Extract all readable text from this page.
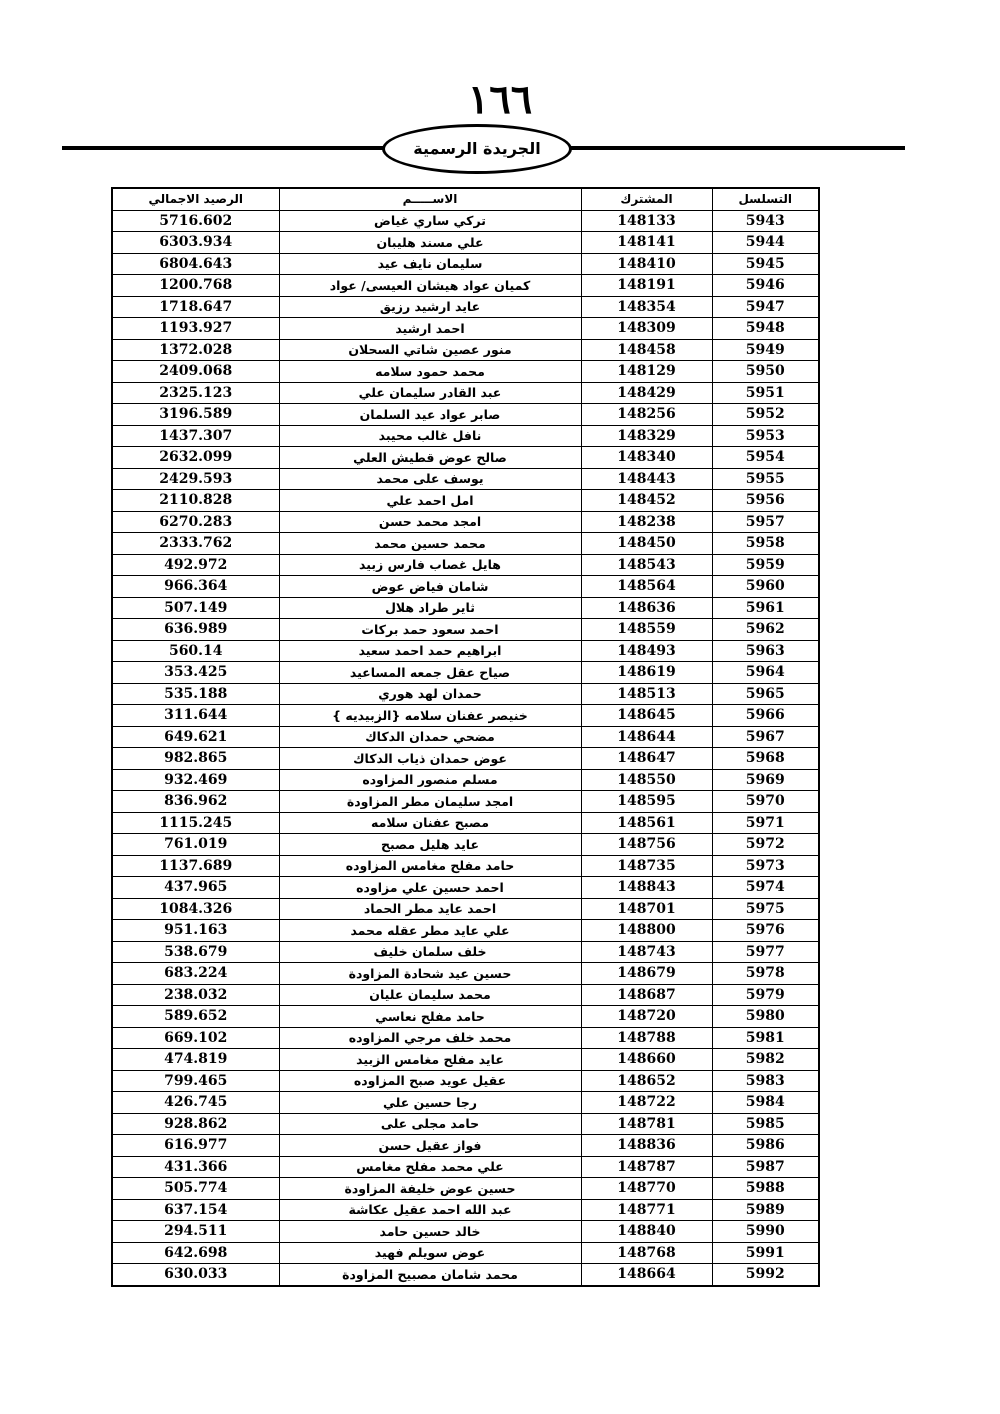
١٦٦
الجريدة الرسمية
التسلسل	المشترك	الاســـــم	الرصيد الاجمالي
5943	148133	تركي ساري غياض	5716.602
5944	148141	علي مسند هليبان	6303.934
5945	148410	سليمان نايف عيد	6804.643
5946	148191	كميان عواد هيشان العيسى/ عواد	1200.768
5947	148354	عايد ارشيد رزيق	1718.647
5948	148309	احمد ارشيد	1193.927
5949	148458	منور عصين شاتي السحلان	1372.028
5950	148129	محمد حمود سلامه	2409.068
5951	148429	عبد القادر سليمان علي	2325.123
5952	148256	صابر عواد عيد السلمان	3196.589
5953	148329	نافل غالب محيبد	1437.307
5954	148340	صالح عوض قطيش العلي	2632.099
5955	148443	يوسف على محمد	2429.593
5956	148452	امل احمد علي	2110.828
5957	148238	امجد محمد حسن	6270.283
5958	148450	محمد حسين محمد	2333.762
5959	148543	هايل غصاب فارس زبيد	492.972
5960	148564	شامان فياض عوض	966.364
5961	148636	ثاير طراد هلال	507.149
5962	148559	احمد سعود حمد بركات	636.989
5963	148493	ابراهيم حمد احمد سعيد	560.14
5964	148619	صياح عقل جمعه المساعيد	353.425
5965	148513	حمدان لهد هوري	535.188
5966	148645	خنيصر عفنان سلامه {الزبيديه }	311.644
5967	148644	مضحي حمدان الدكاك	649.621
5968	148647	عوض حمدان ذياب الدكاك	982.865
5969	148550	مسلم منصور المزاوده	932.469
5970	148595	امجد سليمان مطر المزاودة	836.962
5971	148561	مصبح عفنان سلامه	1115.245
5972	148756	عايد هليل مصبح	761.019
5973	148735	حامد مفلح مغامس المزاوده	1137.689
5974	148843	احمد حسين علي مزاوده	437.965
5975	148701	احمد عايد مطر الحماد	1084.326
5976	148800	علي عايد مطر عقله محمد	951.163
5977	148743	خلف سلمان خليف	538.679
5978	148679	حسين عيد شحادة المزاودة	683.224
5979	148687	محمد سليمان عليان	238.032
5980	148720	حامد مفلح نعاسي	589.652
5981	148788	محمد خلف مرجي المزاوده	669.102
5982	148660	عايد مفلح مغامس الزبيد	474.819
5983	148652	عقيل عويد صبح المزاوده	799.465
5984	148722	رجا حسين علي	426.745
5985	148781	حامد مجلى على	928.862
5986	148836	فواز عقيل حسن	616.977
5987	148787	علي محمد مفلح مغامس	431.366
5988	148770	حسين عوض خليفة المزاودة	505.774
5989	148771	عبد الله احمد عقيل عكاشة	637.154
5990	148840	خالد حسين حامد	294.511
5991	148768	عوض سويلم فهيد	642.698
5992	148664	محمد شامان مصبيح المزاودة	630.033
